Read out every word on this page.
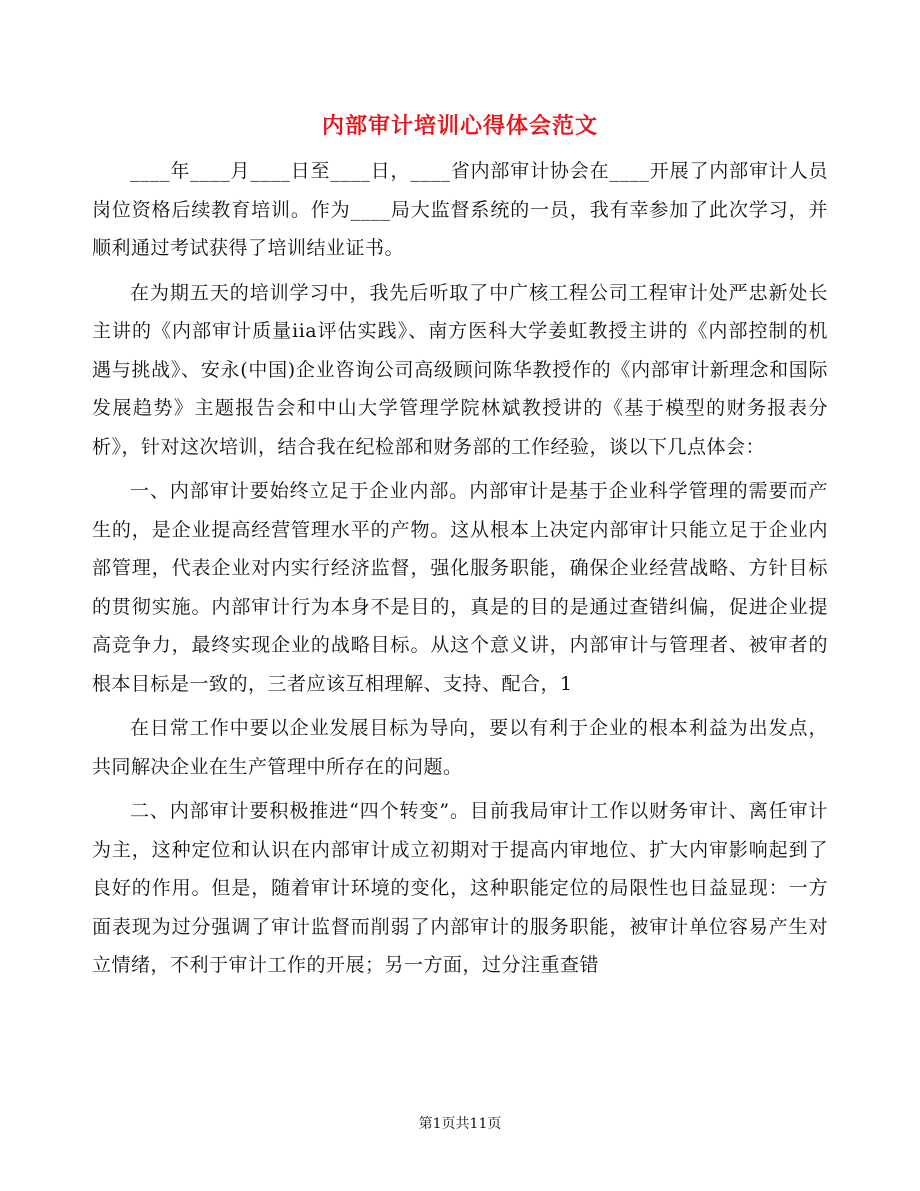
内部审计培训心得体会范文

____年____月____日至____日，____省内部审计协会在____开展了内部审计人员岗位资格后续教育培训。作为____局大监督系统的一员，我有幸参加了此次学习，并顺利通过考试获得了培训结业证书。

在为期五天的培训学习中，我先后听取了中广核工程公司工程审计处严忠新处长主讲的《内部审计质量iia评估实践》、南方医科大学姜虹教授主讲的《内部控制的机遇与挑战》、安永(中国)企业咨询公司高级顾问陈华教授作的《内部审计新理念和国际发展趋势》主题报告会和中山大学管理学院林斌教授讲的《基于模型的财务报表分析》，针对这次培训，结合我在纪检部和财务部的工作经验，谈以下几点体会：

一、内部审计要始终立足于企业内部。内部审计是基于企业科学管理的需要而产生的，是企业提高经营管理水平的产物。这从根本上决定内部审计只能立足于企业内部管理，代表企业对内实行经济监督，强化服务职能，确保企业经营战略、方针目标的贯彻实施。内部审计行为本身不是目的，真是的目的是通过查错纠偏，促进企业提高竞争力，最终实现企业的战略目标。从这个意义讲，内部审计与管理者、被审者的根本目标是一致的，三者应该互相理解、支持、配合，1

在日常工作中要以企业发展目标为导向，要以有利于企业的根本利益为出发点，共同解决企业在生产管理中所存在的问题。

二、内部审计要积极推进“四个转变”。目前我局审计工作以财务审计、离任审计为主，这种定位和认识在内部审计成立初期对于提高内审地位、扩大内审影响起到了良好的作用。但是，随着审计环境的变化，这种职能定位的局限性也日益显现：一方面表现为过分强调了审计监督而削弱了内部审计的服务职能，被审计单位容易产生对立情绪，不利于审计工作的开展；另一方面，过分注重查错

第1页共11页
